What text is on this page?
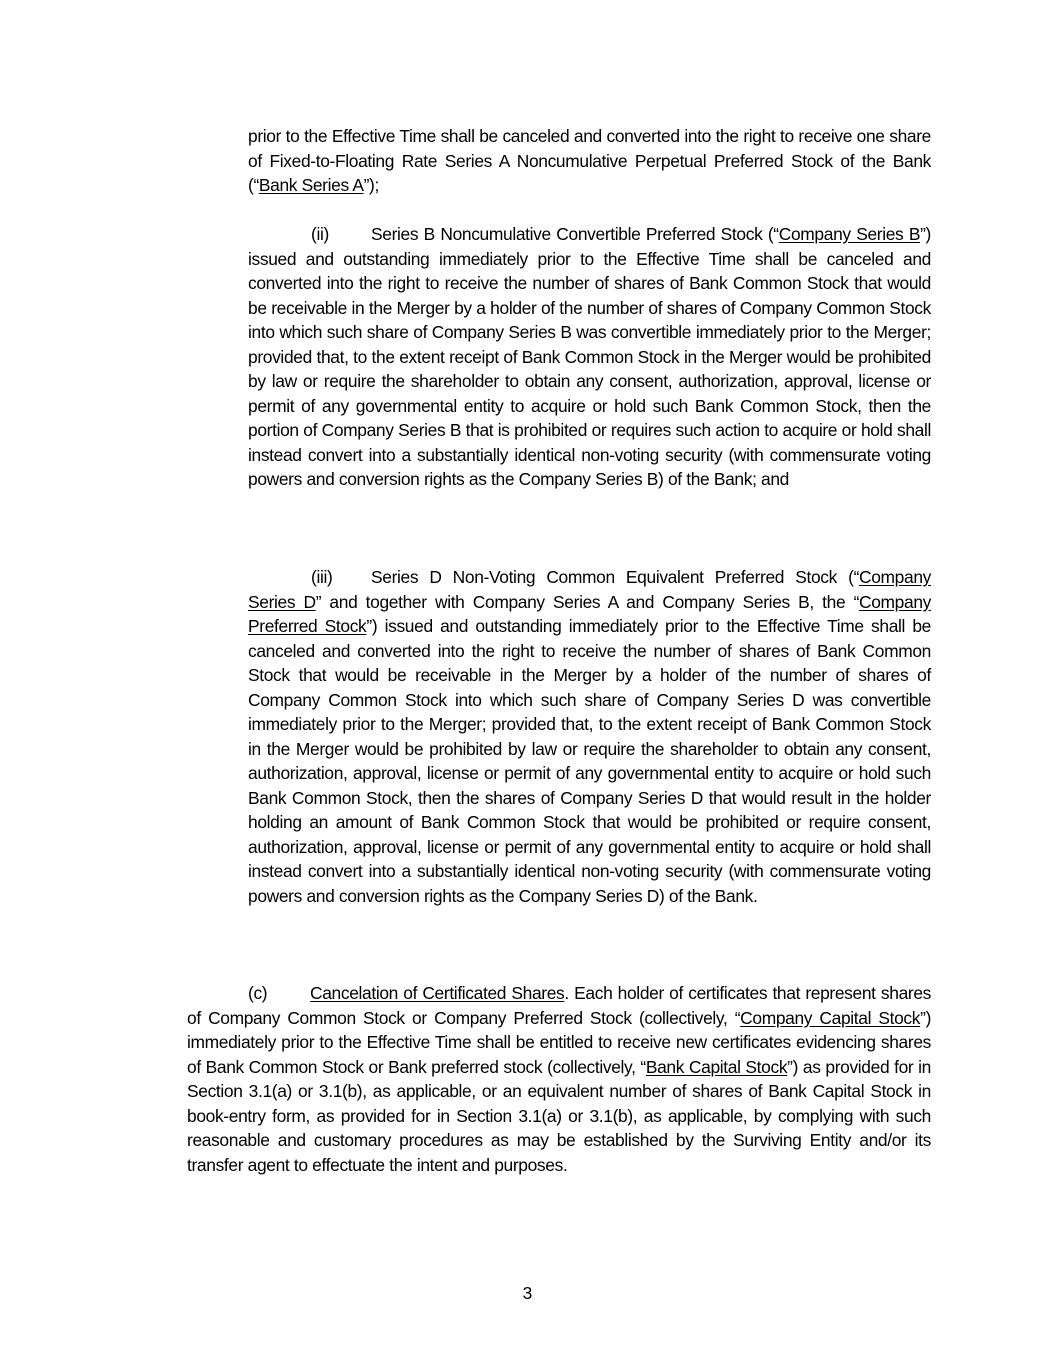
prior to the Effective Time shall be canceled and converted into the right to receive one share of Fixed-to-Floating Rate Series A Noncumulative Perpetual Preferred Stock of the Bank (“Bank Series A”);

(ii) Series B Noncumulative Convertible Preferred Stock (“Company Series B”) issued and outstanding immediately prior to the Effective Time shall be canceled and converted into the right to receive the number of shares of Bank Common Stock that would be receivable in the Merger by a holder of the number of shares of Company Common Stock into which such share of Company Series B was convertible immediately prior to the Merger; provided that, to the extent receipt of Bank Common Stock in the Merger would be prohibited by law or require the shareholder to obtain any consent, authorization, approval, license or permit of any governmental entity to acquire or hold such Bank Common Stock, then the portion of Company Series B that is prohibited or requires such action to acquire or hold shall instead convert into a substantially identical non-voting security (with commensurate voting powers and conversion rights as the Company Series B) of the Bank; and

(iii) Series D Non-Voting Common Equivalent Preferred Stock (“Company Series D” and together with Company Series A and Company Series B, the “Company Preferred Stock”) issued and outstanding immediately prior to the Effective Time shall be canceled and converted into the right to receive the number of shares of Bank Common Stock that would be receivable in the Merger by a holder of the number of shares of Company Common Stock into which such share of Company Series D was convertible immediately prior to the Merger; provided that, to the extent receipt of Bank Common Stock in the Merger would be prohibited by law or require the shareholder to obtain any consent, authorization, approval, license or permit of any governmental entity to acquire or hold such Bank Common Stock, then the shares of Company Series D that would result in the holder holding an amount of Bank Common Stock that would be prohibited or require consent, authorization, approval, license or permit of any governmental entity to acquire or hold shall instead convert into a substantially identical non-voting security (with commensurate voting powers and conversion rights as the Company Series D) of the Bank.

(c) Cancelation of Certificated Shares. Each holder of certificates that represent shares of Company Common Stock or Company Preferred Stock (collectively, “Company Capital Stock”) immediately prior to the Effective Time shall be entitled to receive new certificates evidencing shares of Bank Common Stock or Bank preferred stock (collectively, “Bank Capital Stock”) as provided for in Section 3.1(a) or 3.1(b), as applicable, or an equivalent number of shares of Bank Capital Stock in book-entry form, as provided for in Section 3.1(a) or 3.1(b), as applicable, by complying with such reasonable and customary procedures as may be established by the Surviving Entity and/or its transfer agent to effectuate the intent and purposes.

3
